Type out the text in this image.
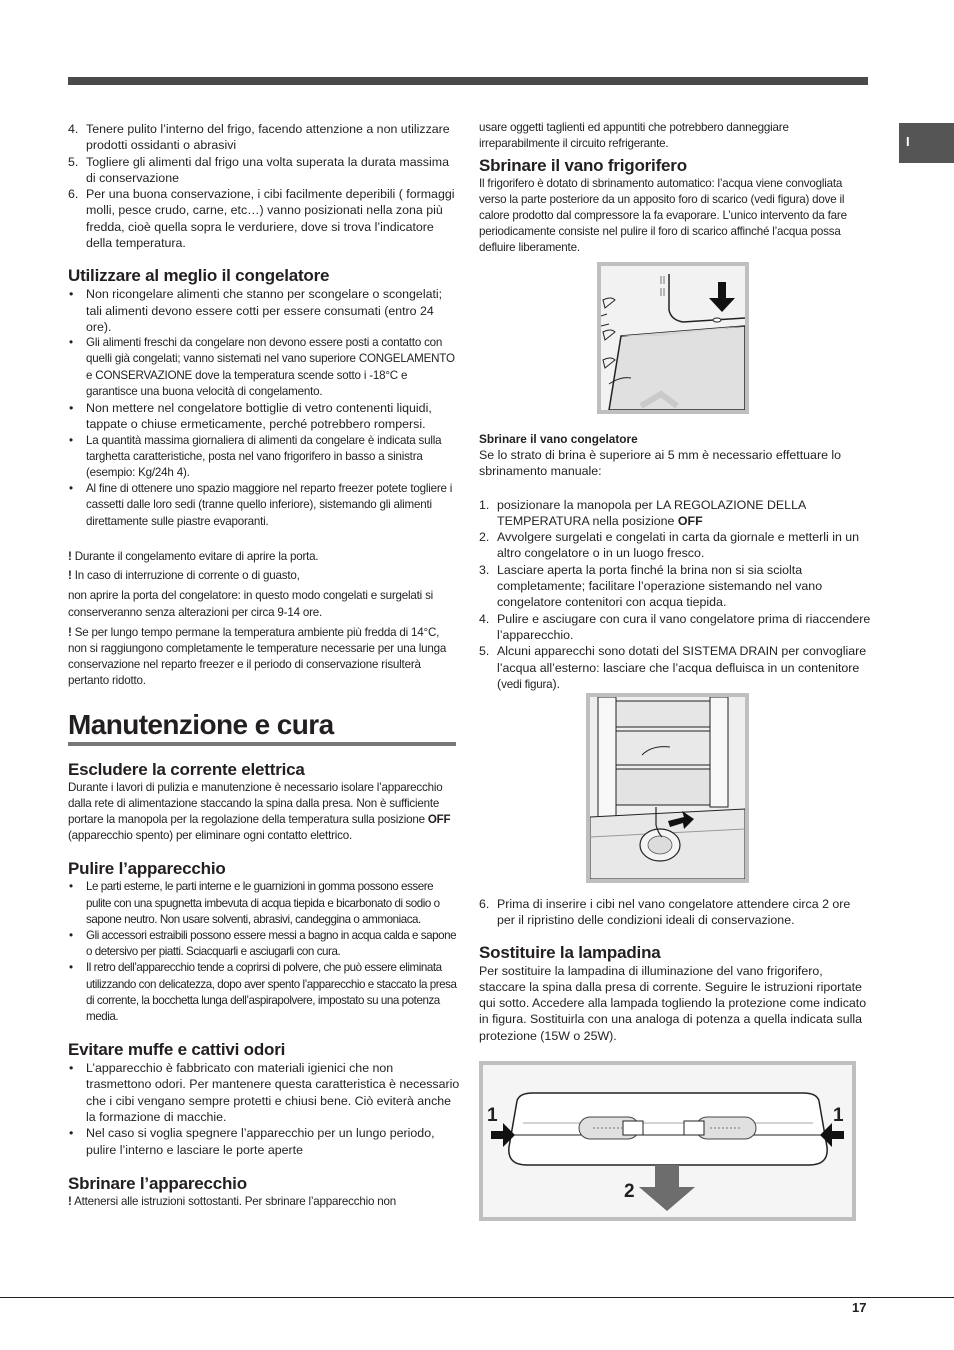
I
4. Tenere pulito l’interno del frigo, facendo attenzione a non utilizzare prodotti ossidanti o abrasivi
5. Togliere gli alimenti dal frigo una volta superata la durata massima di conservazione
6. Per una buona conservazione, i cibi facilmente deperibili ( formaggi molli, pesce crudo, carne, etc…) vanno posizionati nella zona più fredda, cioè quella sopra le verduriere, dove si trova l’indicatore della temperatura.
Utilizzare al meglio il congelatore
• Non ricongelare alimenti che stanno per scongelare o scongelati; tali alimenti devono essere cotti per essere consumati (entro 24 ore).
• Gli alimenti freschi da congelare non devono essere posti a contatto con quelli già congelati; vanno sistemati nel vano superiore CONGELAMENTO e CONSERVAZIONE dove la temperatura scende sotto i -18°C e garantisce una buona velocità di congelamento.
• Non mettere nel congelatore bottiglie di vetro contenenti liquidi, tappate o chiuse ermeticamente, perché potrebbero rompersi.
• La quantità massima giornaliera di alimenti da congelare è indicata sulla targhetta caratteristiche, posta nel vano frigorifero in basso a sinistra (esempio: Kg/24h 4).
• Al fine di ottenere uno spazio maggiore nel reparto freezer potete togliere i cassetti dalle loro sedi (tranne quello inferiore), sistemando gli alimenti direttamente sulle piastre evaporanti.

! Durante il congelamento evitare di aprire la porta.

! In caso di interruzione di corrente o di guasto,

non aprire la porta del congelatore: in questo modo congelati e surgelati si conserveranno senza alterazioni per circa 9-14 ore.

! Se per lungo tempo permane la temperatura ambiente più fredda di 14°C, non si raggiungono completamente le temperature necessarie per una lunga conservazione nel reparto freezer e il periodo di conservazione risulterà pertanto ridotto.

Manutenzione e cura
Escludere la corrente elettrica

Durante i lavori di pulizia e manutenzione è necessario isolare l’apparecchio dalla rete di alimentazione staccando la spina dalla presa. Non è sufficiente portare la manopola per la regolazione della temperatura sulla posizione OFF (apparecchio spento) per eliminare ogni contatto elettrico.

Pulire l’apparecchio
• Le parti esterne, le parti interne e le guarnizioni in gomma possono essere pulite con una spugnetta imbevuta di acqua tiepida e bicarbonato di sodio o sapone neutro. Non usare solventi, abrasivi, candeggina o ammoniaca.
• Gli accessori estraibili possono essere messi a bagno in acqua calda e sapone o detersivo per piatti. Sciacquarli e asciugarli con cura.
• Il retro dell’apparecchio tende a coprirsi di polvere, che può essere eliminata utilizzando con delicatezza, dopo aver spento l’apparecchio e staccato la presa di corrente, la bocchetta lunga dell’aspirapolvere, impostato su una potenza media.
Evitare muffe e cattivi odori
• L’apparecchio è fabbricato con materiali igienici che non trasmettono odori. Per mantenere questa caratteristica è necessario che i cibi vengano sempre protetti e chiusi bene. Ciò eviterà anche la formazione di macchie.
• Nel caso si voglia spegnere l’apparecchio per un lungo periodo, pulire l’interno e lasciare le porte aperte
Sbrinare l’apparecchio

! Attenersi alle istruzioni sottostanti. Per sbrinare l’apparecchio non

usare oggetti taglienti ed appuntiti che potrebbero danneggiare irreparabilmente il circuito refrigerante.

Sbrinare il vano frigorifero

Il frigorifero è dotato di sbrinamento automatico: l’acqua viene convogliata verso la parte posteriore da un apposito foro di scarico (vedi figura) dove il calore prodotto dal compressore la fa evaporare. L’unico intervento da fare periodicamente consiste nel pulire il foro di scarico affinché l’acqua possa defluire liberamente.

Sbrinare il vano congelatore

Se lo strato di brina è superiore ai 5 mm è necessario effettuare lo sbrinamento manuale:

1. posizionare la manopola per LA REGOLAZIONE DELLA TEMPERATURA nella posizione OFF
2. Avvolgere surgelati e congelati in carta da giornale e metterli in un altro congelatore o in un luogo fresco.
3. Lasciare aperta la porta finché la brina non si sia sciolta completamente; facilitare l’operazione sistemando nel vano congelatore contenitori con acqua tiepida.
4. Pulire e asciugare con cura il vano congelatore prima di riaccendere l’apparecchio.
5. Alcuni apparecchi sono dotati del SISTEMA DRAIN per convogliare l’acqua all’esterno: lasciare che l’acqua defluisca in un contenitore (vedi figura).
6. Prima di inserire i cibi nel vano congelatore attendere circa 2 ore per il ripristino delle condizioni ideali di conservazione.
Sostituire la lampadina

Per sostituire la lampadina di illuminazione del vano frigorifero, staccare la spina dalla presa di corrente. Seguire le istruzioni riportate qui sotto. Accedere alla lampada togliendo la protezione come indicato in figura. Sostituirla con una analoga di potenza a quella indicata sulla protezione (15W o 25W).

1	1
2
17
